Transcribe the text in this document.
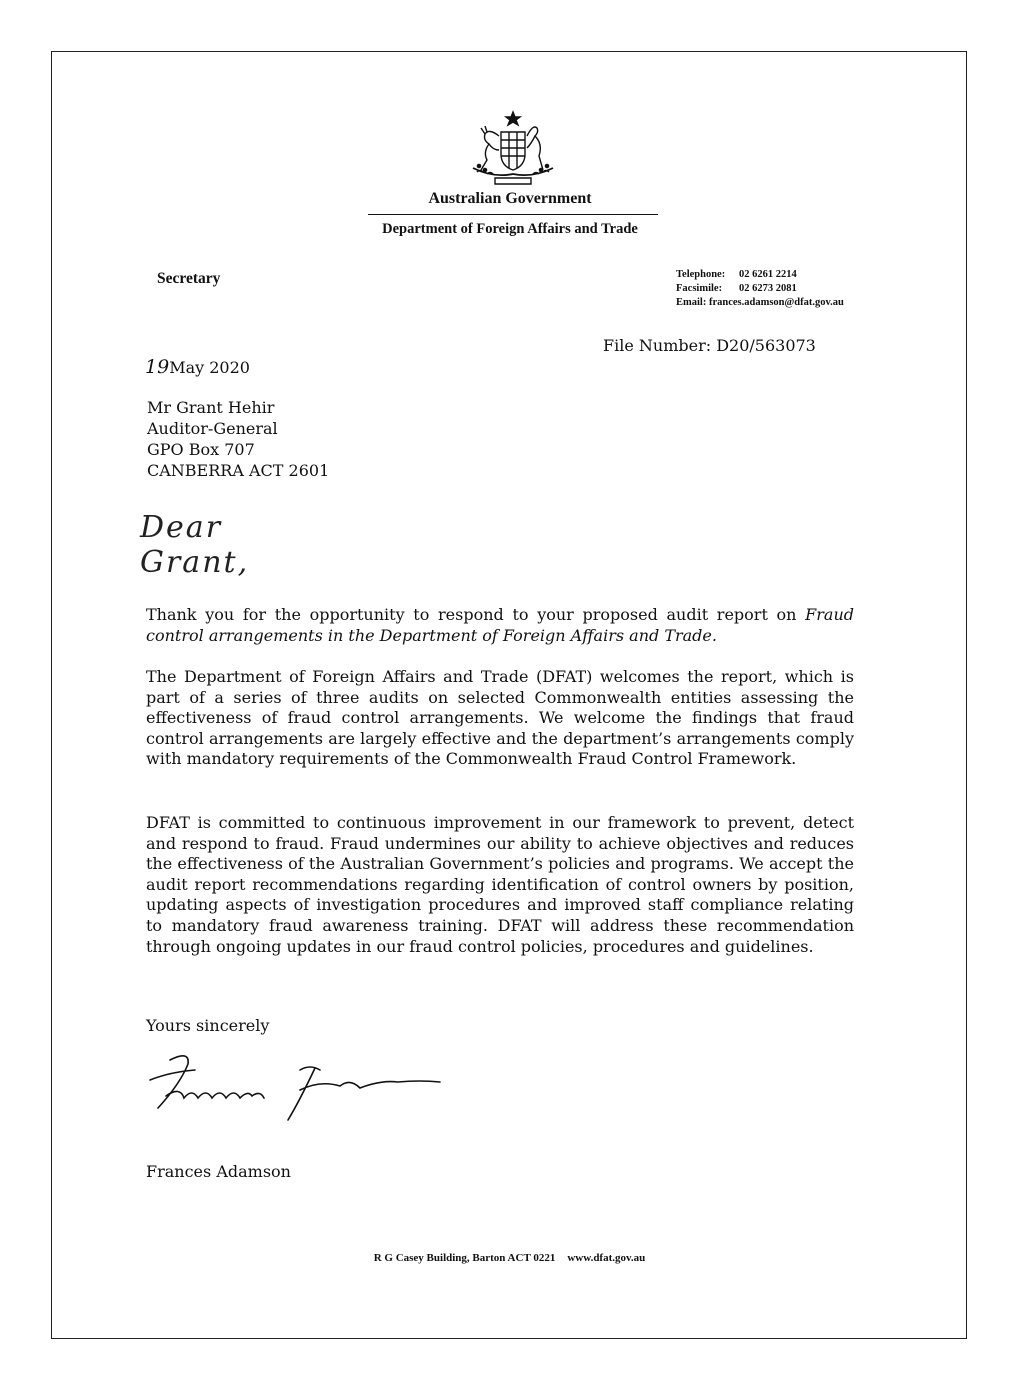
Australian Government
Department of Foreign Affairs and Trade
Secretary	Telephone: 02 6261 2214
Facsimile: 02 6273 2081
Email: frances.adamson@dfat.gov.au
File Number: D20/563073
19May 2020
Mr Grant Hehir
Auditor-General
GPO Box 707
CANBERRA ACT 2601
Dear Grant,
Thank you for the opportunity to respond to your proposed audit report on Fraud control arrangements in the Department of Foreign Affairs and Trade.
The Department of Foreign Affairs and Trade (DFAT) welcomes the report, which is part of a series of three audits on selected Commonwealth entities assessing the effectiveness of fraud control arrangements. We welcome the findings that fraud control arrangements are largely effective and the department’s arrangements comply with mandatory requirements of the Commonwealth Fraud Control Framework.
DFAT is committed to continuous improvement in our framework to prevent, detect and respond to fraud. Fraud undermines our ability to achieve objectives and reduces the effectiveness of the Australian Government’s policies and programs. We accept the audit report recommendations regarding identification of control owners by position, updating aspects of investigation procedures and improved staff compliance relating to mandatory fraud awareness training. DFAT will address these recommendation through ongoing updates in our fraud control policies, procedures and guidelines.
Yours sincerely
Frances Adamson
R G Casey Building, Barton ACT 0221 www.dfat.gov.au
